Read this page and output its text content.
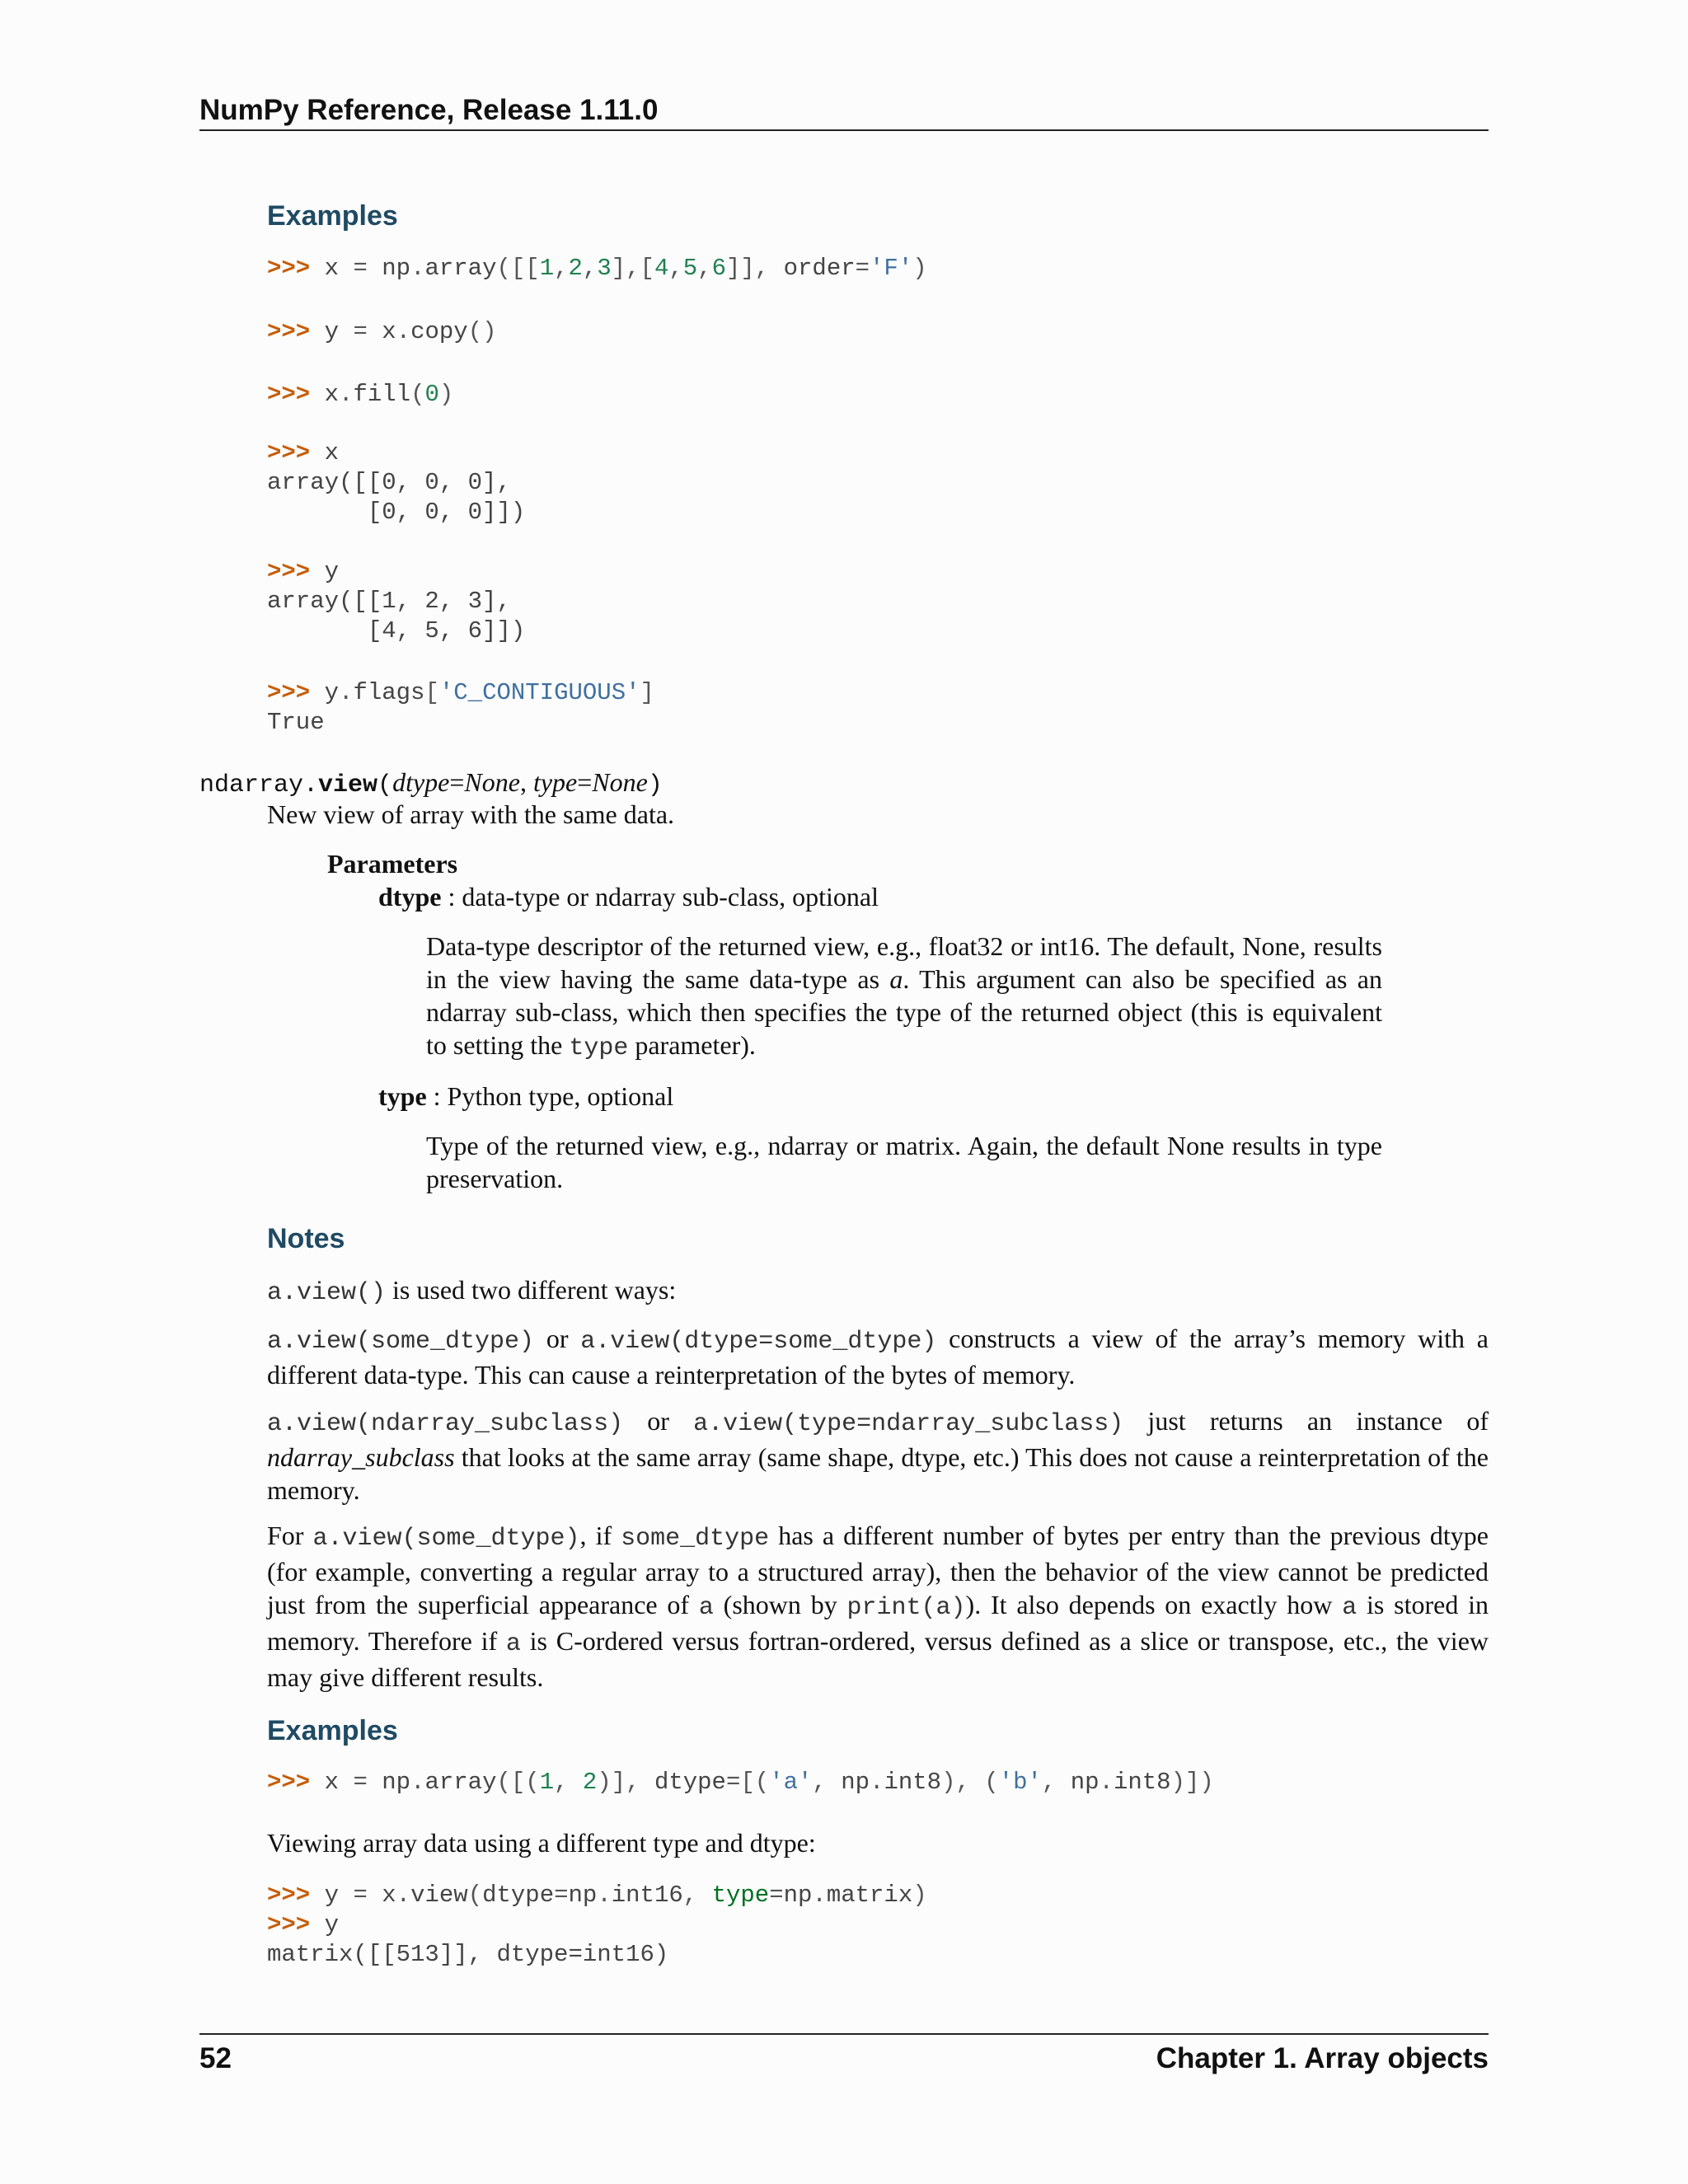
NumPy Reference, Release 1.11.0
Examples
>>> x = np.array([[1,2,3],[4,5,6]], order='F')
>>> y = x.copy()
>>> x.fill(0)
>>> x
array([[0, 0, 0],
[0, 0, 0]])
>>> y
array([[1, 2, 3],
[4, 5, 6]])
>>> y.flags['C_CONTIGUOUS']
True
ndarray.view(dtype=None, type=None)
New view of array with the same data.
Parameters
dtype : data-type or ndarray sub-class, optional
Data-type descriptor of the returned view, e.g., float32 or int16. The default, None, results in the view having the same data-type as a. This argument can also be specified as an ndarray sub-class, which then specifies the type of the returned object (this is equivalent to setting the type parameter).
type : Python type, optional
Type of the returned view, e.g., ndarray or matrix. Again, the default None results in type preservation.
Notes
a.view() is used two different ways:
a.view(some_dtype) or a.view(dtype=some_dtype) constructs a view of the array’s memory with a different data-type. This can cause a reinterpretation of the bytes of memory.
a.view(ndarray_subclass) or a.view(type=ndarray_subclass) just returns an instance of ndarray_subclass that looks at the same array (same shape, dtype, etc.) This does not cause a reinterpretation of the memory.
For a.view(some_dtype), if some_dtype has a different number of bytes per entry than the previous dtype (for example, converting a regular array to a structured array), then the behavior of the view cannot be predicted just from the superficial appearance of a (shown by print(a)). It also depends on exactly how a is stored in memory. Therefore if a is C-ordered versus fortran-ordered, versus defined as a slice or transpose, etc., the view may give different results.
Examples
>>> x = np.array([(1, 2)], dtype=[('a', np.int8), ('b', np.int8)])
Viewing array data using a different type and dtype:
>>> y = x.view(dtype=np.int16, type=np.matrix)
>>> y
matrix([[513]], dtype=int16)
52	Chapter 1. Array objects
